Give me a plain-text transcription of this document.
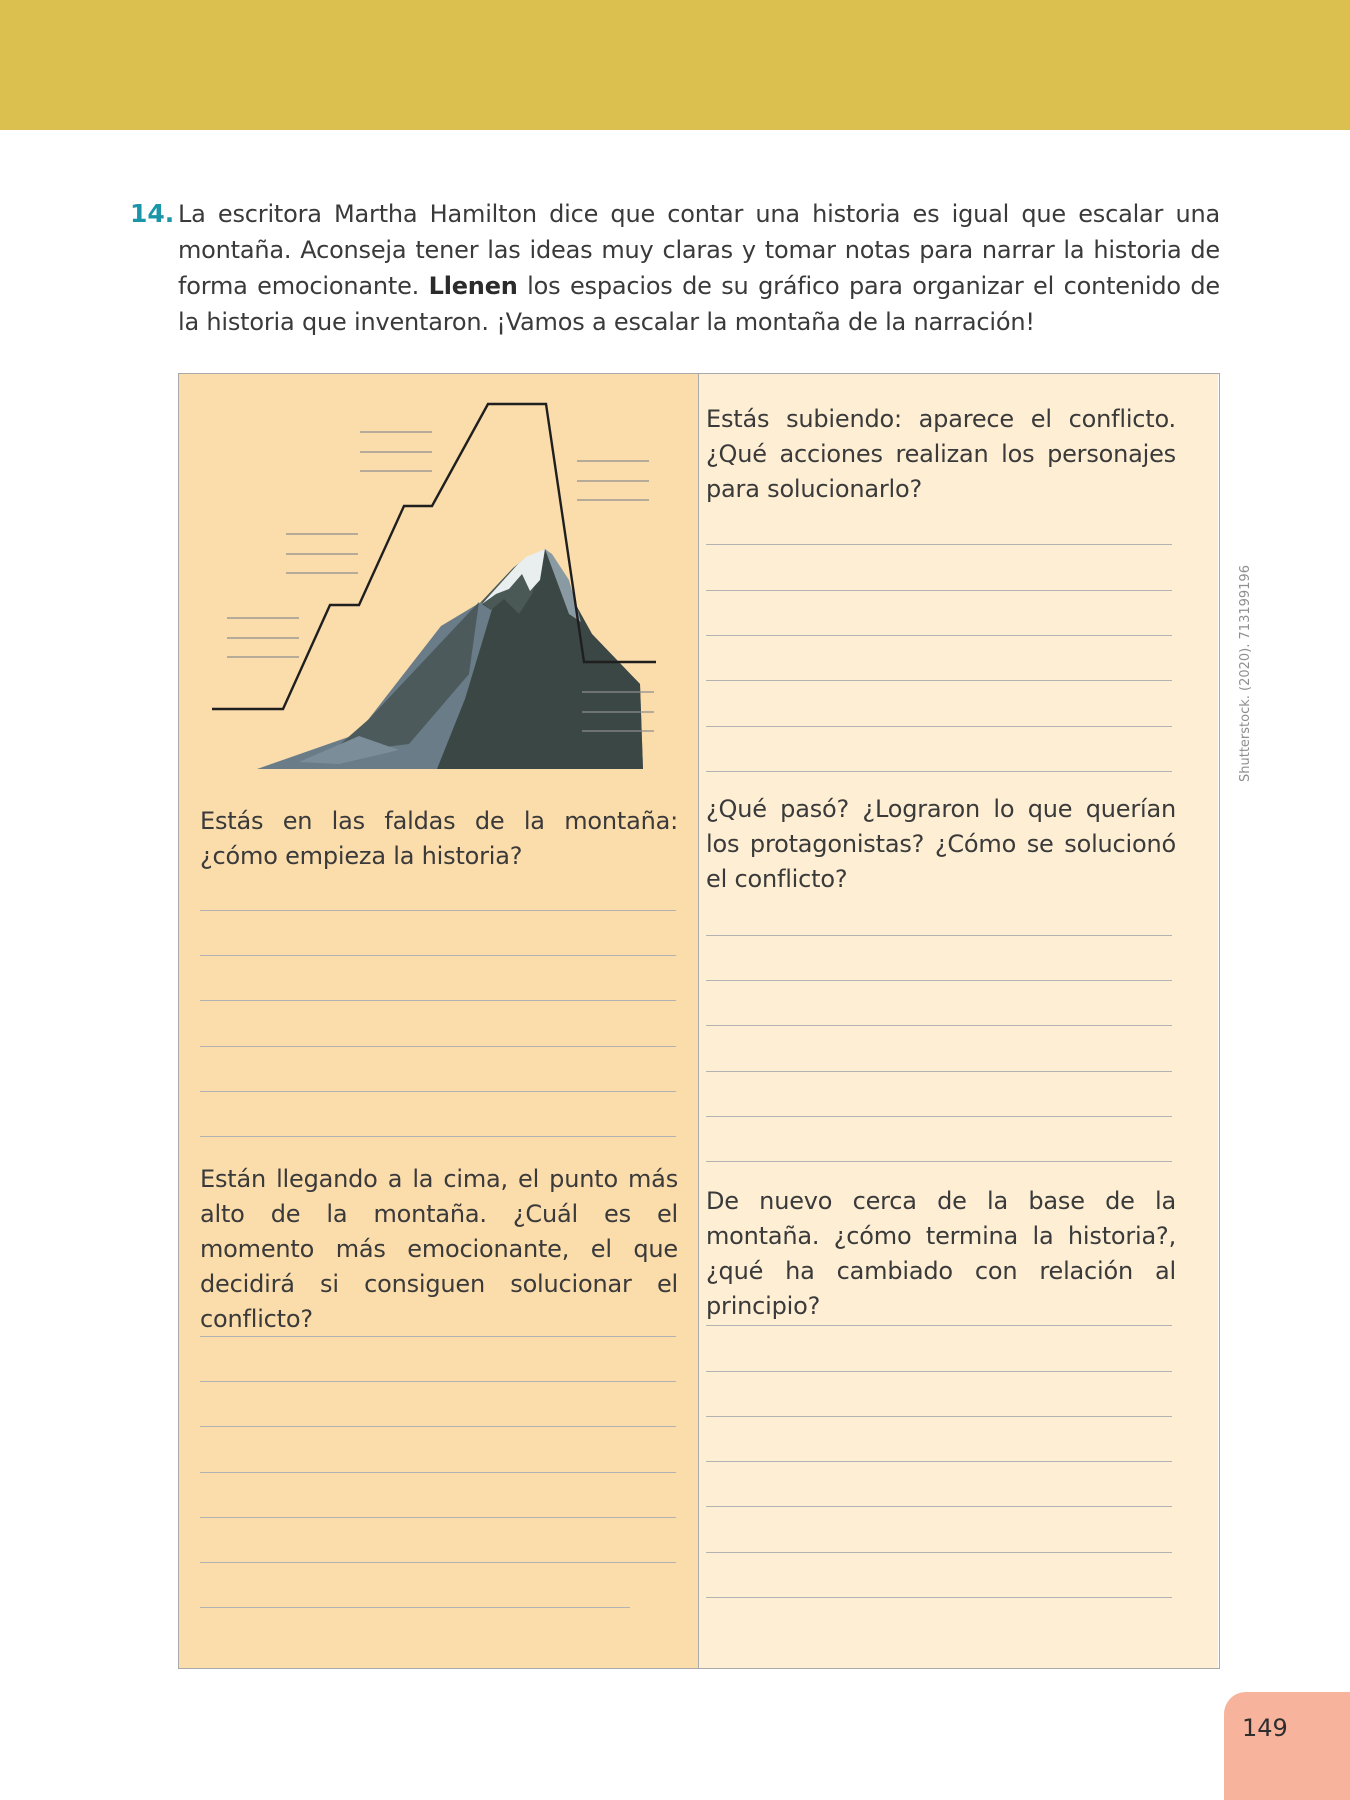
14. La escritora Martha Hamilton dice que contar una historia es igual que escalar una montaña. Aconseja tener las ideas muy claras y tomar notas para narrar la historia de forma emocionante. Llenen los espacios de su gráfico para organizar el contenido de la historia que inventaron. ¡Vamos a escalar la montaña de la narración!
Estás en las faldas de la montaña: ¿cómo empieza la historia?
Están llegando a la cima, el punto más alto de la montaña. ¿Cuál es el momento más emocionante, el que decidirá si consiguen solucionar el conflicto?
Estás subiendo: aparece el conflicto. ¿Qué acciones realizan los personajes para solucionarlo?
¿Qué pasó? ¿Lograron lo que querían los protagonistas? ¿Cómo se solucionó el conflicto?
De nuevo cerca de la base de la montaña. ¿cómo termina la historia?, ¿qué ha cambiado con relación al principio?
Shutterstock. (2020). 713199196
149
